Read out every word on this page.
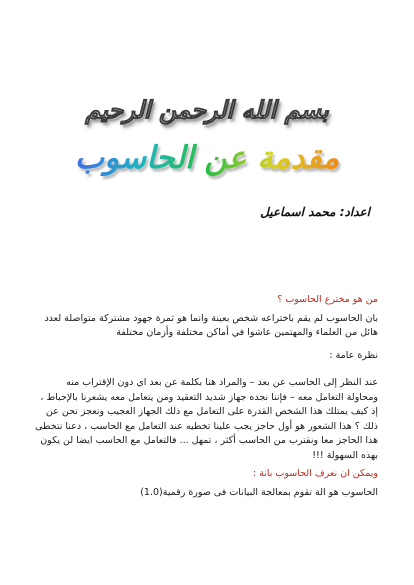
بسم الله الرحمن الرحيم
مقدمة عن الحاسوب
اعداد: محمد اسماعيل
من هو مخترع الحاسوب ؟
بان الحاسوب لم يقم باختراعه شخص بعينة وانما هو ثمرة جهود مشتركة متواصلة لعدد هائل من العلماء والمهتمين عاشوا في أماكن مختلفة وأزمان مختلفة
نظرة عامة :
عند النظر إلى الحاسب عن بعد – والمراد هنا بكلمة عن بعد اي دون الإقتراب منه ومحاولة التعامل معه – فإننا نجده جهاز شديد التعقيد ومن يتعامل معه يشعرنا بالإحباط ، إذ كيف يمتلك هذا الشخص القدرة على التعامل مع ذلك الجهاز العجيب ونعجز نحن عن ذلك ؟ هذا الشعور هو أول حاجز يجب علينا تخطيه عند التعامل مع الحاسب ، دعنا نتخطى هذا الحاجز معا ونقترب من الحاسب أكثر ، تمهل ... فالتعامل مع الحاسب ايضا لن يكون بهذه السهولة !!!
ويمكن ان نعرف الحاسوب بانة :
الحاسوب هو الة تقوم بمعالجة البيانات فى صورة رقمية(1.0)
